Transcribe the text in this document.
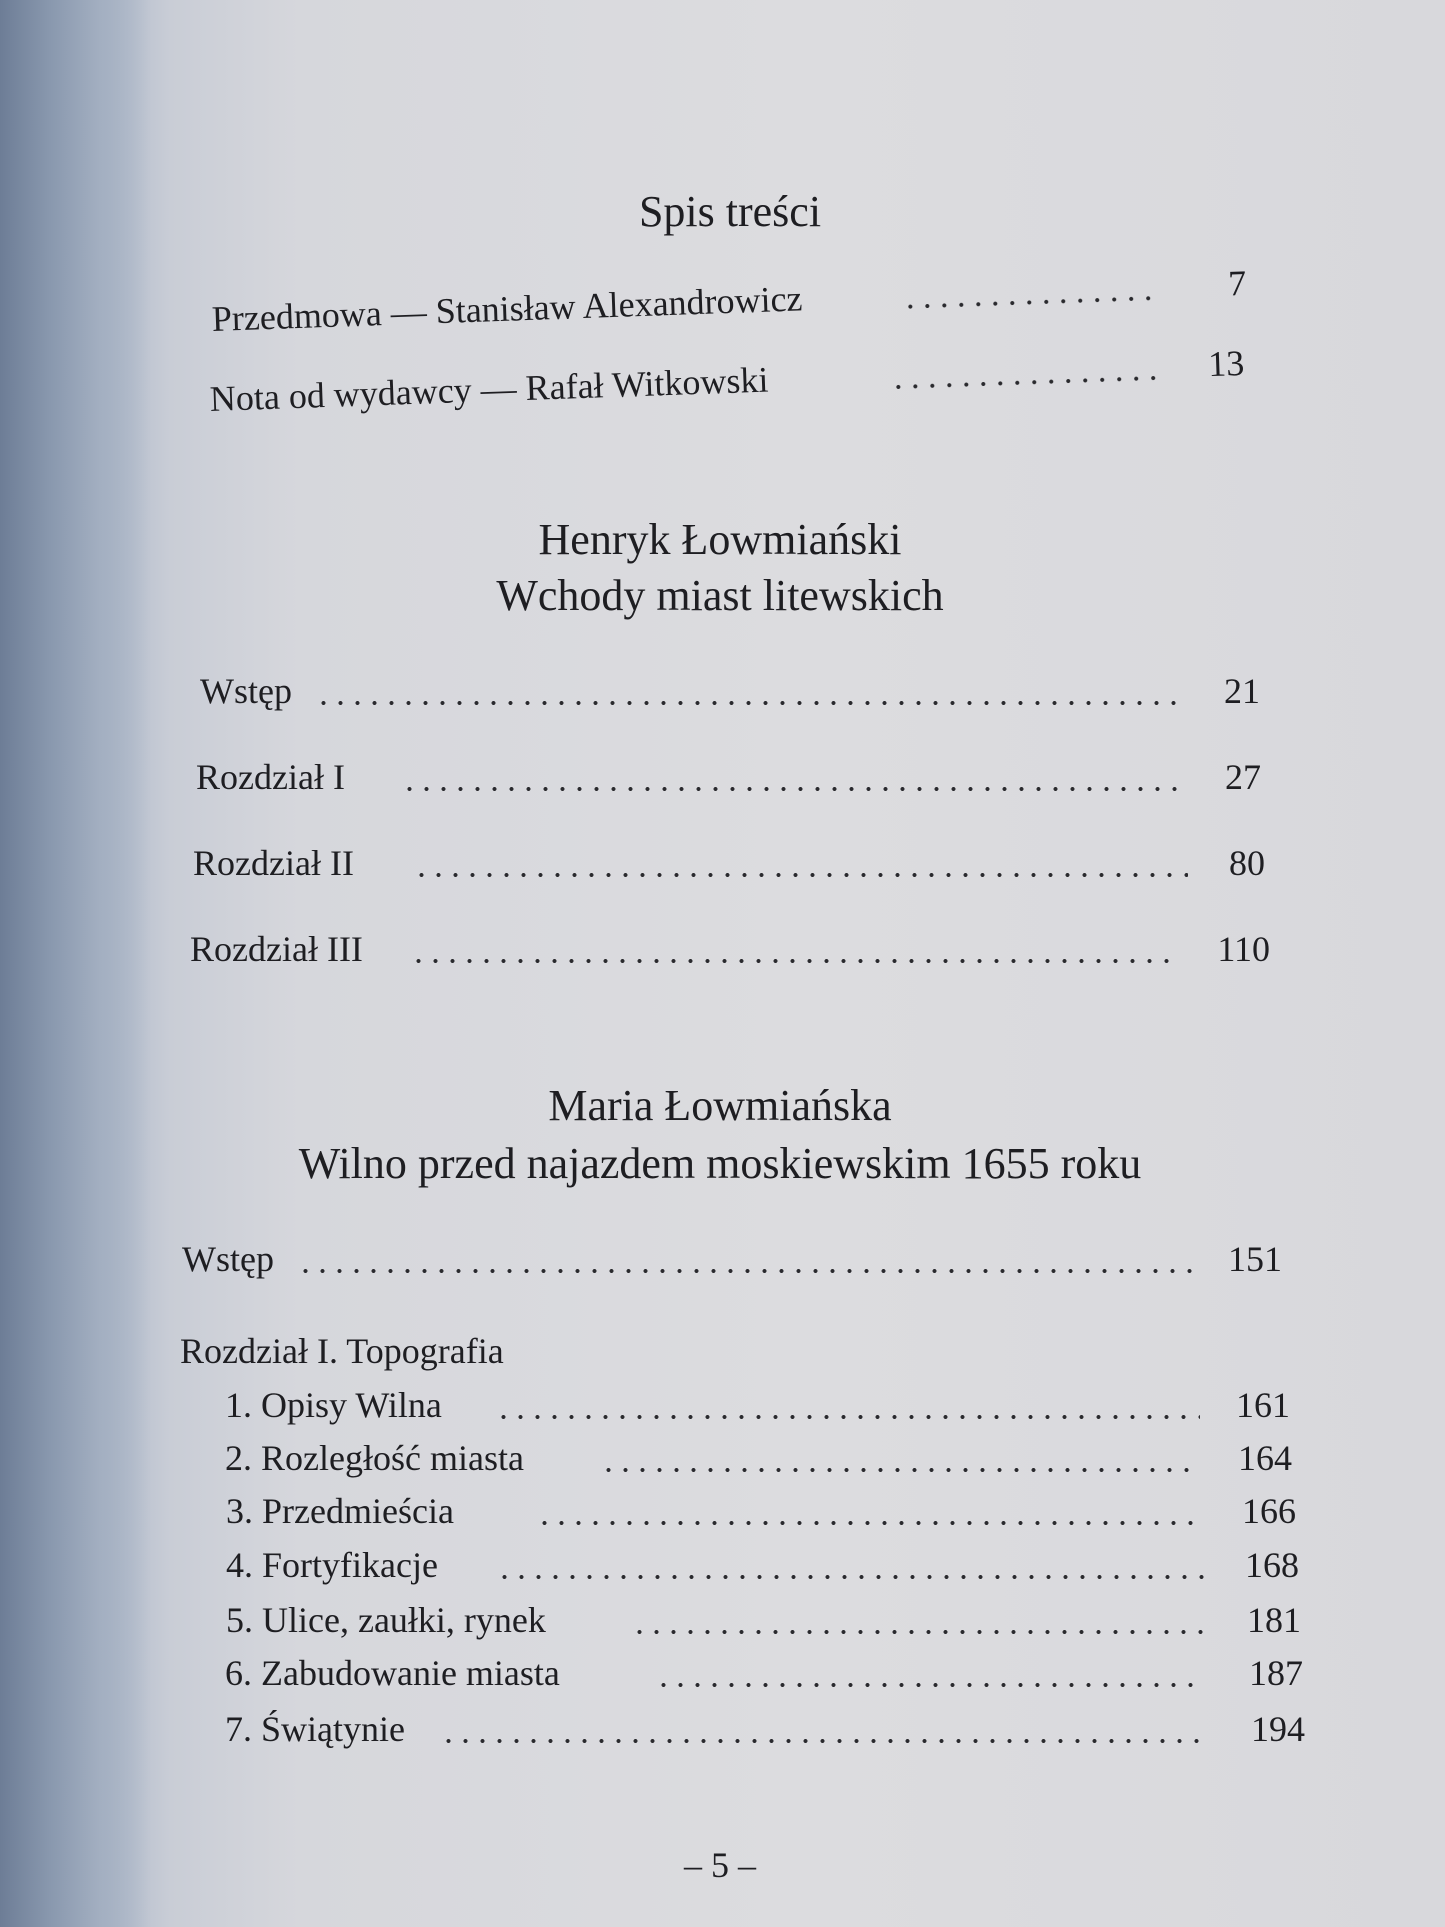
Spis treści
Przedmowa — Stanisław Alexandrowicz	7
Nota od wydawcy — Rafał Witkowski	13
Henryk Łowmiański
Wchody miast litewskich
Wstęp	21
Rozdział I	27
Rozdział II	80
Rozdział III	110
Maria Łowmiańska
Wilno przed najazdem moskiewskim 1655 roku
Wstęp	151
Rozdział I. Topografia
1. Opisy Wilna	161
2. Rozległość miasta	164
3. Przedmieścia	166
4. Fortyfikacje	168
5. Ulice, zaułki, rynek	181
6. Zabudowanie miasta	187
7. Świątynie	194
– 5 –
